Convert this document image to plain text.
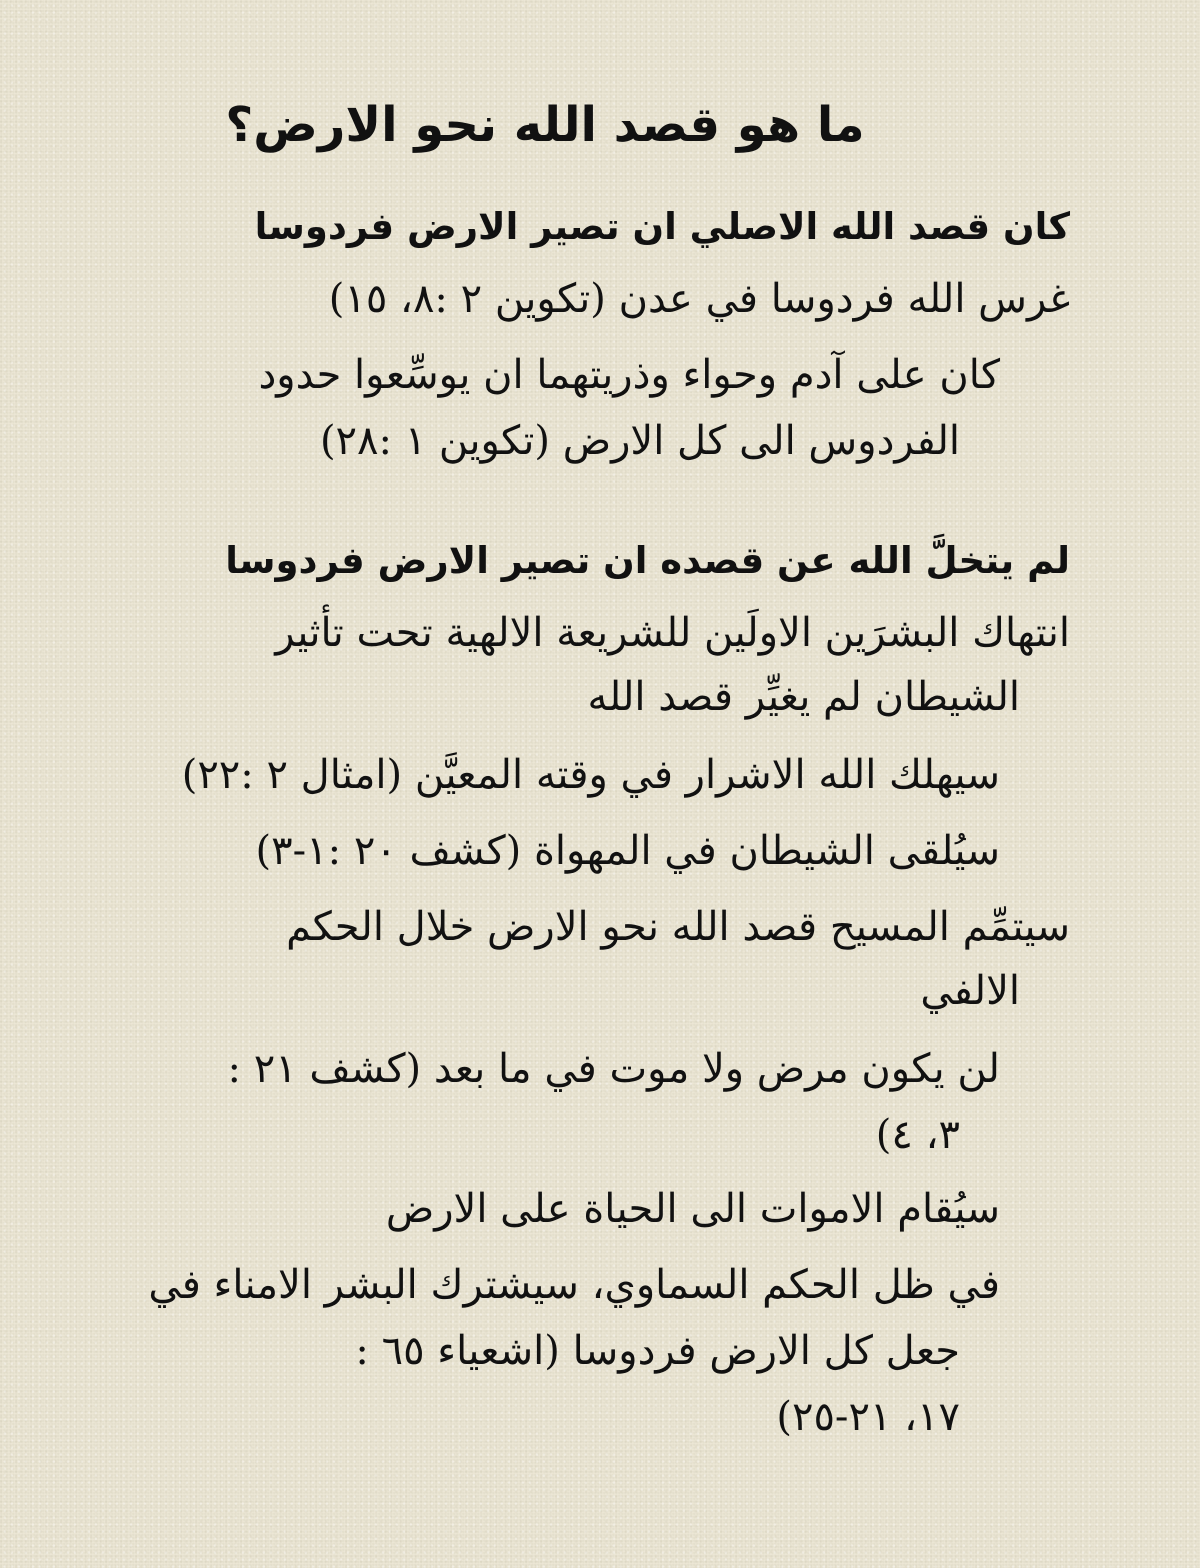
ما هو قصد الله نحو الارض؟
كان قصد الله الاصلي ان تصير الارض فردوسا
غرس الله فردوسا في عدن (تكوين ٢ :٨، ١٥)
كان على آدم وحواء وذريتهما ان يوسِّعوا حدود
الفردوس الى كل الارض (تكوين ١ :٢٨)
لم يتخلَّ الله عن قصده ان تصير الارض فردوسا
انتهاك البشرَين الاولَين للشريعة الالهية تحت تأثير
الشيطان لم يغيِّر قصد الله
سيهلك الله الاشرار في وقته المعيَّن (امثال ٢ :٢٢)
سيُلقى الشيطان في المهواة (كشف ٢٠ :١-٣)
سيتمِّم المسيح قصد الله نحو الارض خلال الحكم
الالفي
لن يكون مرض ولا موت في ما بعد (كشف ٢١ :
٣، ٤)
سيُقام الاموات الى الحياة على الارض
في ظل الحكم السماوي، سيشترك البشر الامناء في
جعل كل الارض فردوسا (اشعياء ٦٥ :
١٧، ٢١-٢٥)
